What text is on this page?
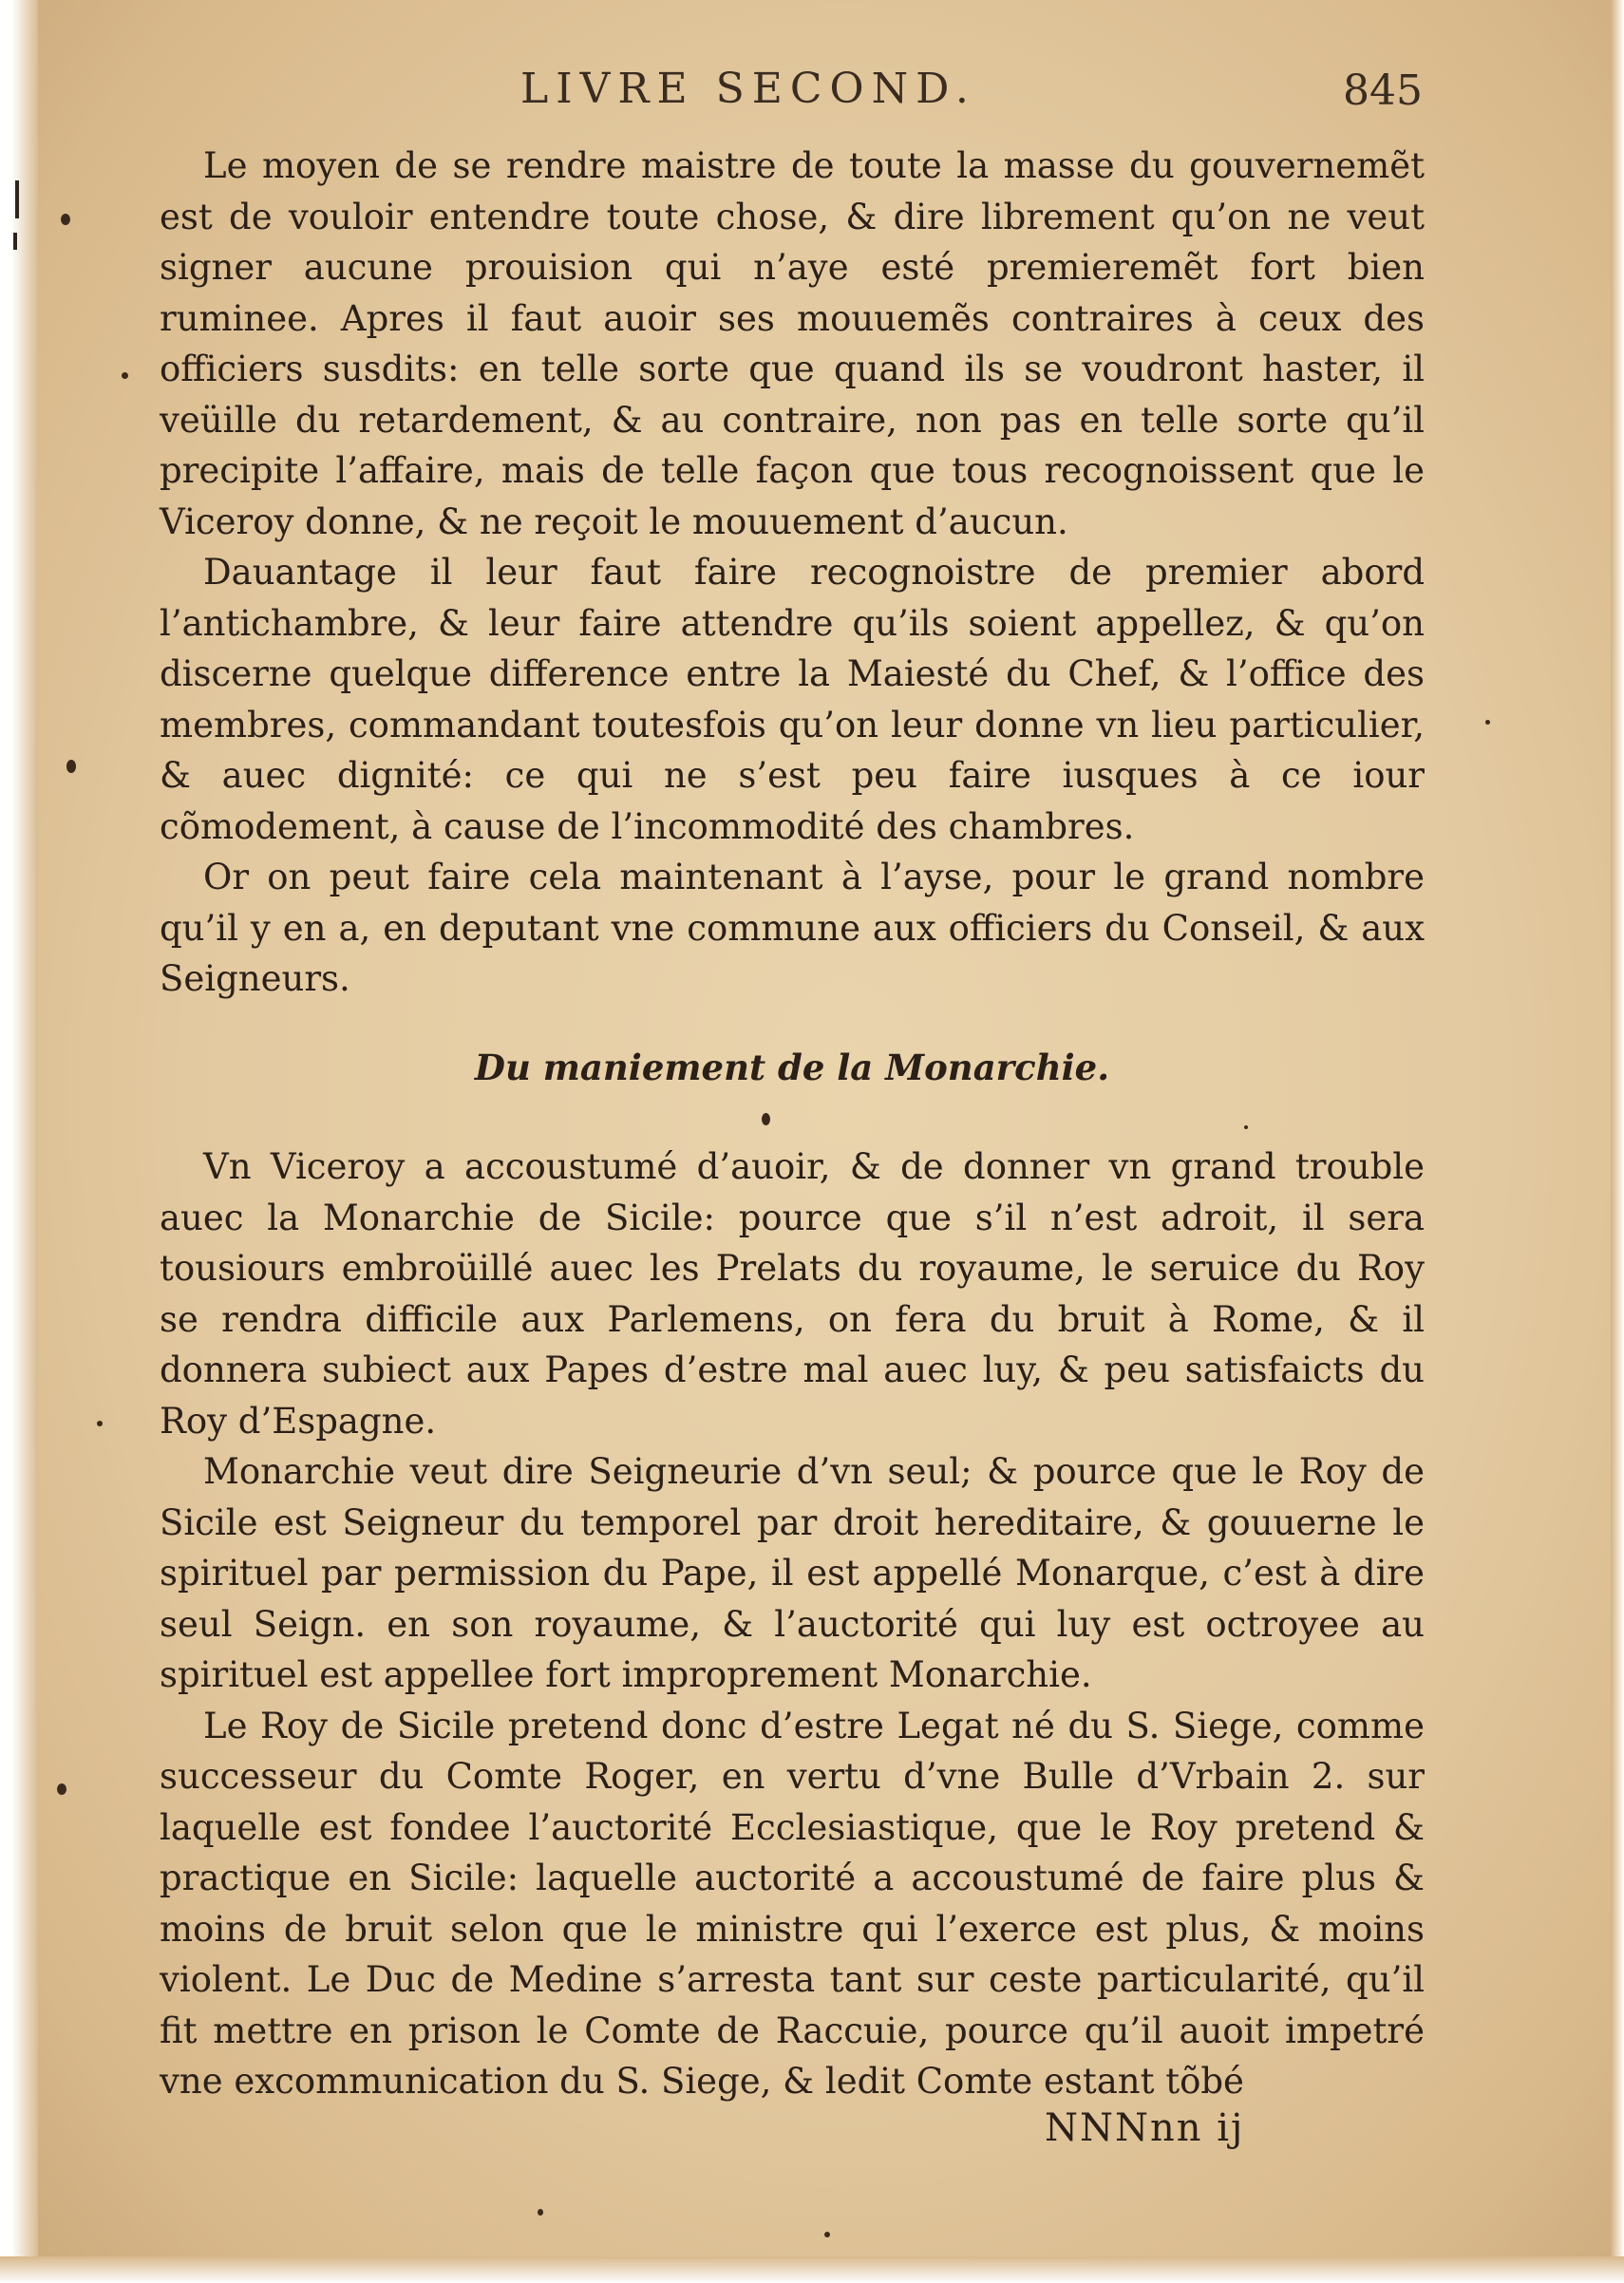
LIVRE SECOND.	845

Le moyen de se rendre maistre de toute la masse du gouvernemẽt est de vouloir entendre toute chose, & dire librement qu’on ne veut signer aucune prouision qui n’aye esté premieremẽt fort bien ruminee. Apres il faut auoir ses mouuemẽs contraires à ceux des officiers susdits: en telle sorte que quand ils se voudront haster, il veüille du retardement, & au contraire, non pas en telle sorte qu’il precipite l’affaire, mais de telle façon que tous recognoissent que le Viceroy donne, & ne reçoit le mouuement d’aucun.

Dauantage il leur faut faire recognoistre de premier abord l’antichambre, & leur faire attendre qu’ils soient appellez, & qu’on discerne quelque difference entre la Maiesté du Chef, & l’office des membres, commandant toutesfois qu’on leur donne vn lieu particulier, & auec dignité: ce qui ne s’est peu faire iusques à ce iour cõmodement, à cause de l’incommodité des chambres.

Or on peut faire cela maintenant à l’ayse, pour le grand nombre qu’il y en a, en deputant vne commune aux officiers du Conseil, & aux Seigneurs.

Du maniement de la Monarchie.

Vn Viceroy a accoustumé d’auoir, & de donner vn grand trouble auec la Monarchie de Sicile: pource que s’il n’est adroit, il sera tousiours embroüillé auec les Prelats du royaume, le seruice du Roy se rendra difficile aux Parlemens, on fera du bruit à Rome, & il donnera subiect aux Papes d’estre mal auec luy, & peu satisfaicts du Roy d’Espagne.

Monarchie veut dire Seigneurie d’vn seul; & pource que le Roy de Sicile est Seigneur du temporel par droit hereditaire, & gouuerne le spirituel par permission du Pape, il est appellé Monarque, c’est à dire seul Seign. en son royaume, & l’auctorité qui luy est octroyee au spirituel est appellee fort improprement Monarchie.

Le Roy de Sicile pretend donc d’estre Legat né du S. Siege, comme successeur du Comte Roger, en vertu d’vne Bulle d’Vrbain 2. sur laquelle est fondee l’auctorité Ecclesiastique, que le Roy pretend & practique en Sicile: laquelle auctorité a accoustumé de faire plus & moins de bruit selon que le ministre qui l’exerce est plus, & moins violent. Le Duc de Medine s’arresta tant sur ceste particularité, qu’il fit mettre en prison le Comte de Raccuie, pource qu’il auoit impetré vne excommunication du S. Siege, & ledit Comte estant tõbé

NNNnn ij
